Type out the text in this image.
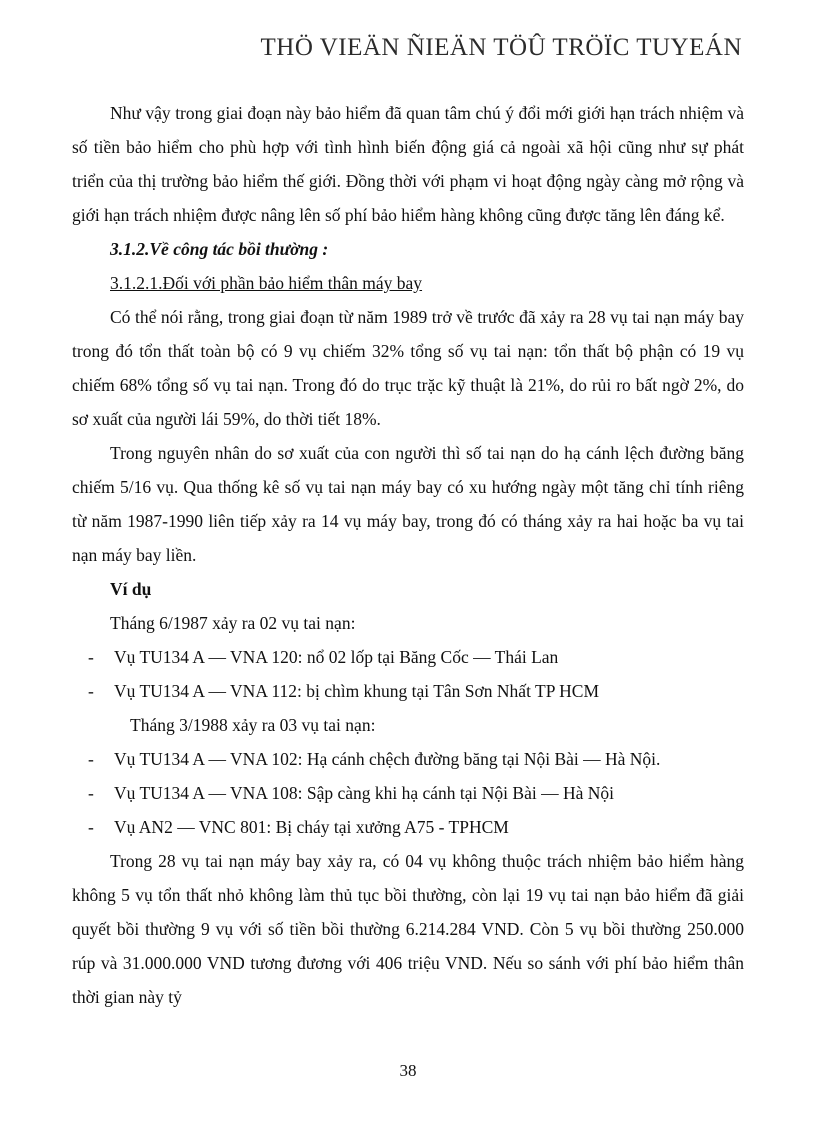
THÖ VIEÄN ÑIEÄN TÖÛ TRÖÏC TUYEÁN

Như vậy trong giai đoạn này bảo hiểm đã quan tâm chú ý đổi mới giới hạn trách nhiệm và số tiền bảo hiểm cho phù hợp với tình hình biến động giá cả ngoài xã hội cũng như sự phát triển của thị trường bảo hiểm thế giới. Đồng thời với phạm vi hoạt động ngày càng mở rộng và giới hạn trách nhiệm được nâng lên số phí bảo hiểm hàng không cũng được tăng lên đáng kể.

3.1.2.Về công tác bồi thường :

3.1.2.1.Đối với phần bảo hiểm thân máy bay

Có thể nói rằng, trong giai đoạn từ năm 1989 trở về trước đã xảy ra 28 vụ tai nạn máy bay trong đó tổn thất toàn bộ có 9 vụ chiếm 32% tổng số vụ tai nạn: tổn thất bộ phận có 19 vụ chiếm 68% tổng số vụ tai nạn. Trong đó do trục trặc kỹ thuật là 21%, do rủi ro bất ngờ 2%, do sơ xuất của người lái 59%, do thời tiết 18%.

Trong nguyên nhân do sơ xuất của con người thì số tai nạn do hạ cánh lệch đường băng chiếm 5/16 vụ. Qua thống kê số vụ tai nạn máy bay có xu hướng ngày một tăng chỉ tính riêng từ năm 1987-1990 liên tiếp xảy ra 14 vụ máy bay, trong đó có tháng xảy ra hai hoặc ba vụ tai nạn máy bay liền.

Ví dụ

Tháng 6/1987 xảy ra 02 vụ tai nạn:

- Vụ TU134 A — VNA 120: nổ 02 lốp tại Băng Cốc — Thái Lan
- Vụ TU134 A — VNA 112: bị chìm khung tại Tân Sơn Nhất TP HCM

Tháng 3/1988 xảy ra 03 vụ tai nạn:

- Vụ TU134 A — VNA 102: Hạ cánh chệch đường băng tại Nội Bài — Hà Nội.
- Vụ TU134 A — VNA 108: Sập càng khi hạ cánh tại Nội Bài — Hà Nội
- Vụ AN2 — VNC 801: Bị cháy tại xưởng A75 - TPHCM

Trong 28 vụ tai nạn máy bay xảy ra, có 04 vụ không thuộc trách nhiệm bảo hiểm hàng không 5 vụ tổn thất nhỏ không làm thủ tục bồi thường, còn lại 19 vụ tai nạn bảo hiểm đã giải quyết bồi thường 9 vụ với số tiền bồi thường 6.214.284 VND. Còn 5 vụ bồi thường 250.000 rúp và 31.000.000 VND tương đương với 406 triệu VND. Nếu so sánh với phí bảo hiểm thân thời gian này tỷ

38
